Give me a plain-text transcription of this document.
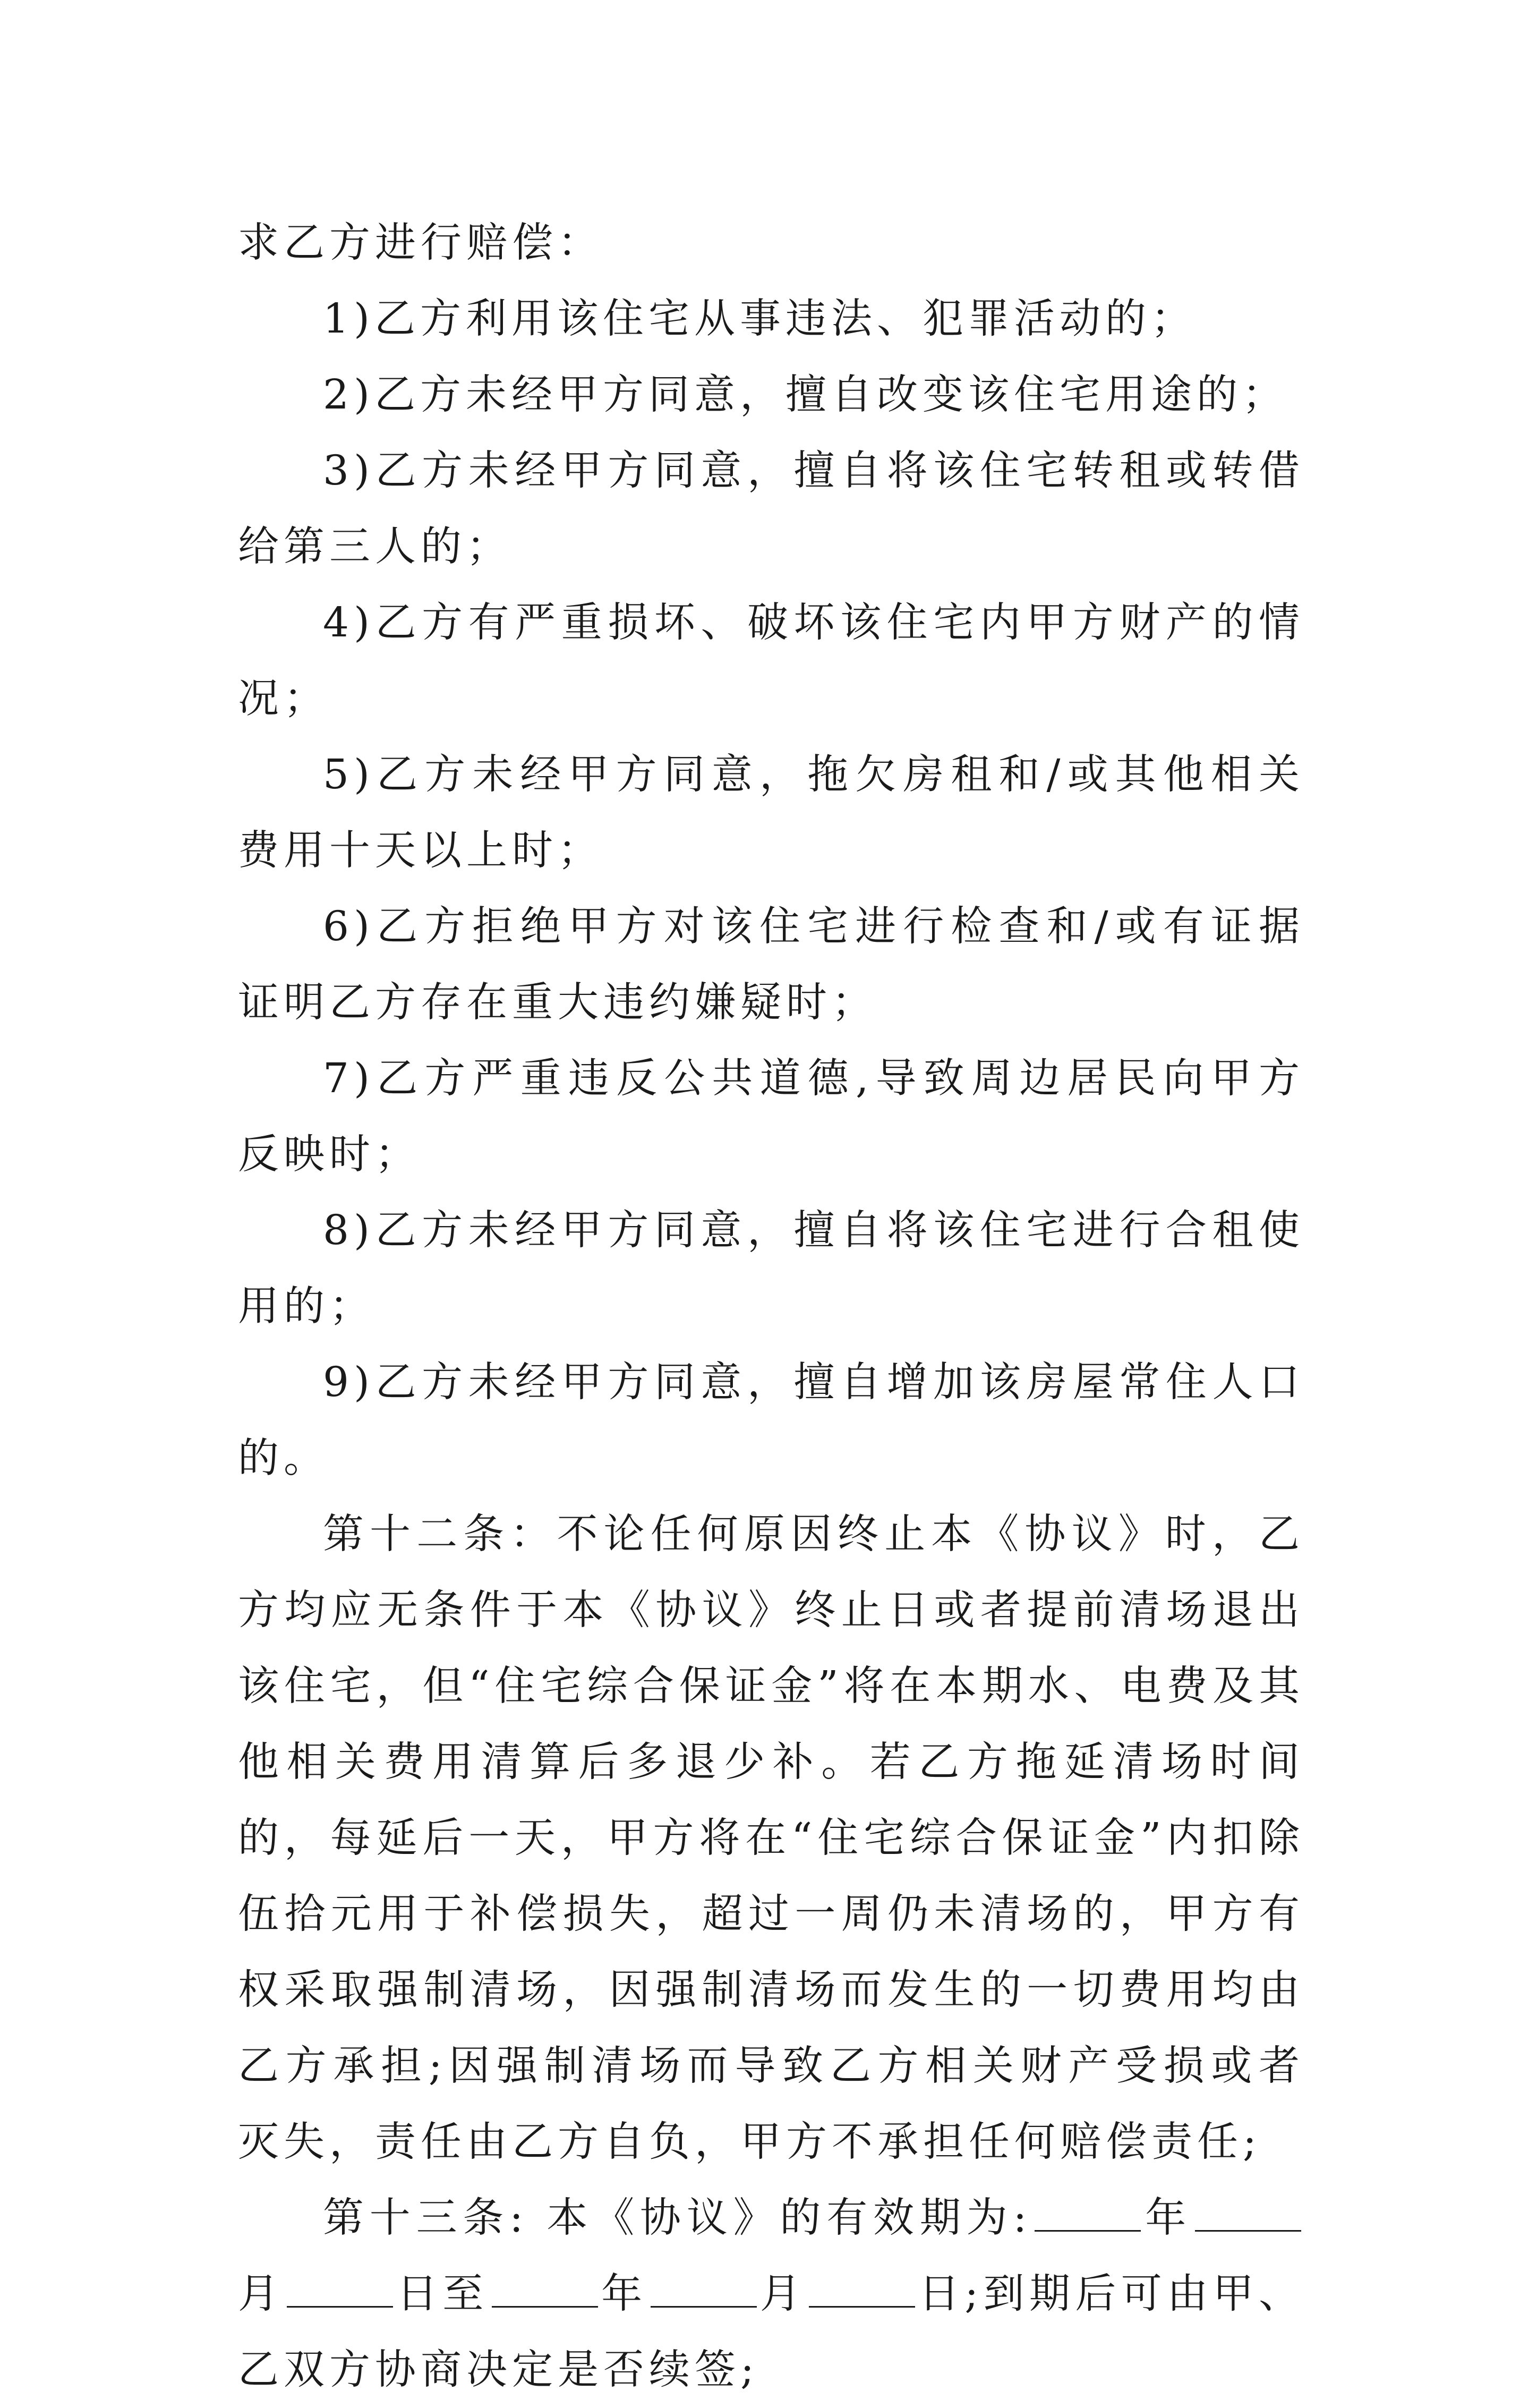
求乙方进行赔偿：

1)乙方利用该住宅从事违法、犯罪活动的；

2)乙方未经甲方同意，擅自改变该住宅用途的；

3)乙方未经甲方同意，擅自将该住宅转租或转借给第三人的；

4)乙方有严重损坏、破坏该住宅内甲方财产的情况；

5)乙方未经甲方同意，拖欠房租和/或其他相关费用十天以上时；

6)乙方拒绝甲方对该住宅进行检查和/或有证据证明乙方存在重大违约嫌疑时；

7)乙方严重违反公共道德,导致周边居民向甲方反映时；

8)乙方未经甲方同意，擅自将该住宅进行合租使用的；

9)乙方未经甲方同意，擅自增加该房屋常住人口的。

第十二条：不论任何原因终止本《协议》时，乙方均应无条件于本《协议》终止日或者提前清场退出该住宅，但“住宅综合保证金”将在本期水、电费及其他相关费用清算后多退少补。若乙方拖延清场时间的，每延后一天，甲方将在“住宅综合保证金”内扣除伍拾元用于补偿损失，超过一周仍未清场的，甲方有权采取强制清场，因强制清场而发生的一切费用均由乙方承担;因强制清场而导致乙方相关财产受损或者灭失，责任由乙方自负，甲方不承担任何赔偿责任;

第十三条: 本《协议》的有效期为:	年月	日至	年	月	日;到期后可由甲、乙双方协商决定是否续签;
